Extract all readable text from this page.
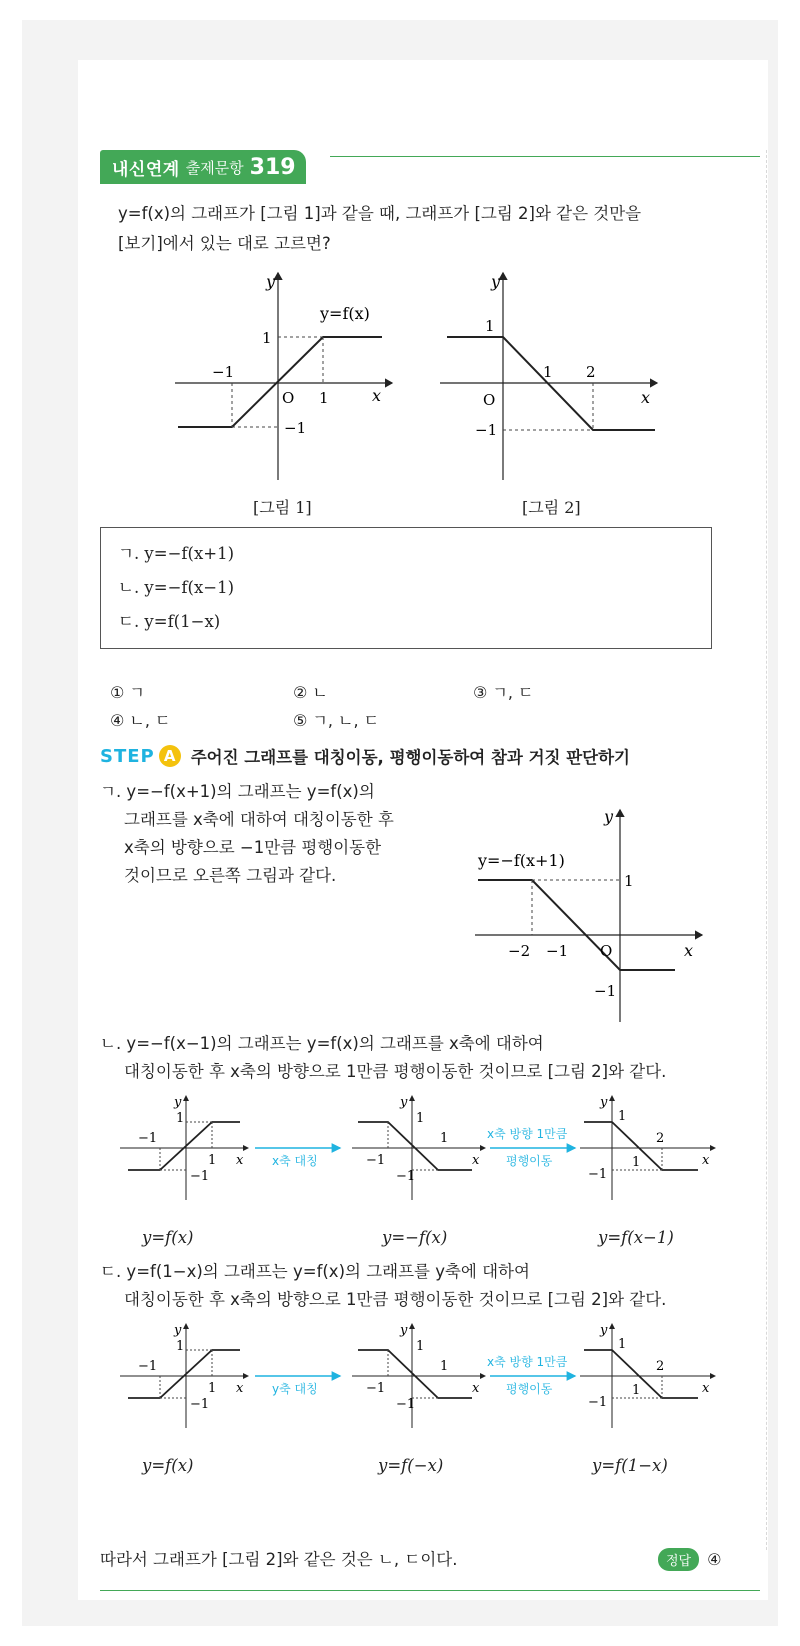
내신연계 출제문항 319
y=f(x)의 그래프가 [그림 1]과 같을 때, 그래프가 [그림 2]와 같은 것만을
[보기]에서 있는 대로 고르면?
y
x
y=f(x)
1
−1
O 1
−1
[그림 1]
y
x
1
1 2
O
−1
[그림 2]
ㄱ. y=−f(x+1)
ㄴ. y=−f(x−1)
ㄷ. y=f(1−x)
① ㄱ	② ㄴ	③ ㄱ, ㄷ
④ ㄴ, ㄷ	⑤ ㄱ, ㄴ, ㄷ
STEP A 주어진 그래프를 대칭이동, 평행이동하여 참과 거짓 판단하기
ㄱ. y=−f(x+1)의 그래프는 y=f(x)의
그래프를 x축에 대하여 대칭이동한 후
x축의 방향으로 −1만큼 평행이동한
것이므로 오른쪽 그림과 같다.
y
x
y=−f(x+1)
1
−2 −1 O
−1
ㄴ. y=−f(x−1)의 그래프는 y=f(x)의 그래프를 x축에 대하여
대칭이동한 후 x축의 방향으로 1만큼 평행이동한 것이므로 [그림 2]와 같다.
y
x
1
−1
1
−1
x축 대칭
y
x
1
1
−1
−1
x축 방향 1만큼
평행이동
y
x
1
1
2
−1
y=f(x)	y=−f(x)	y=f(x−1)
ㄷ. y=f(1−x)의 그래프는 y=f(x)의 그래프를 y축에 대하여
대칭이동한 후 x축의 방향으로 1만큼 평행이동한 것이므로 [그림 2]와 같다.
y
x
1
−1
1
−1
y축 대칭
y
x
1
1
−1
−1
x축 방향 1만큼
평행이동
y
x
1
1
2
−1
y=f(x)	y=f(−x)	y=f(1−x)
따라서 그래프가 [그림 2]와 같은 것은 ㄴ, ㄷ이다.	정답	④
